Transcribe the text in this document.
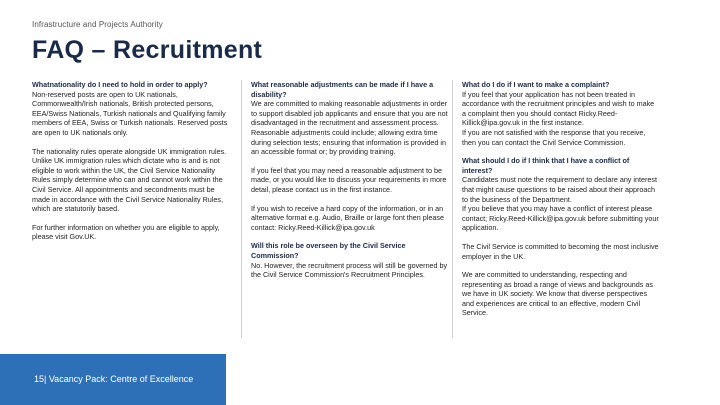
Infrastructure and Projects Authority
FAQ – Recruitment
Whatnationality do I need to hold in order to apply?
Non-reserved posts are open to UK nationals, Commonwealth/Irish nationals, British protected persons, EEA/Swiss Nationals, Turkish nationals and Qualifying family members of EEA, Swiss or Turkish nationals. Reserved posts are open to UK nationals only.
The nationality rules operate alongside UK immigration rules. Unlike UK immigration rules which dictate who is and is not eligible to work within the UK, the Civil Service Nationality Rules simply determine who can and cannot work within the Civil Service. All appointments and secondments must be made in accordance with the Civil Service Nationality Rules, which are statutorily based.
For further information on whether you are eligible to apply, please visit Gov.UK.
What reasonable adjustments can be made if I have a disability?
We are committed to making reasonable adjustments in order to support disabled job applicants and ensure that you are not disadvantaged in the recruitment and assessment process. Reasonable adjustments could include; allowing extra time during selection tests; ensuring that information is provided in an accessible format or; by providing training.
If you feel that you may need a reasonable adjustment to be made, or you would like to discuss your requirements in more detail, please contact us in the first instance.
If you wish to receive a hard copy of the information, or in an alternative format e.g. Audio, Braille or large font then please contact: Ricky.Reed-Killick@ipa.gov.uk
Will this role be overseen by the Civil Service Commission?
No. However, the recruitment process will still be governed by the Civil Service Commission's Recruitment Principles.
What do I do if I want to make a complaint?
If you feel that your application has not been treated in accordance with the recruitment principles and wish to make a complaint then you should contact Ricky.Reed-Killick@ipa.gov.uk in the first instance.
If you are not satisfied with the response that you receive, then you can contact the Civil Service Commission.
What should I do if I think that I have a conflict of interest?
Candidates must note the requirement to declare any interest that might cause questions to be raised about their approach to the business of the Department.
If you believe that you may have a conflict of interest please contact; Ricky.Reed-Killick@ipa.gov.uk before submitting your application.
The Civil Service is committed to becoming the most inclusive employer in the UK.
We are committed to understanding, respecting and representing as broad a range of views and backgrounds as we have in UK society. We know that diverse perspectives and experiences are critical to an effective, modern Civil Service.
15| Vacancy Pack: Centre of Excellence
